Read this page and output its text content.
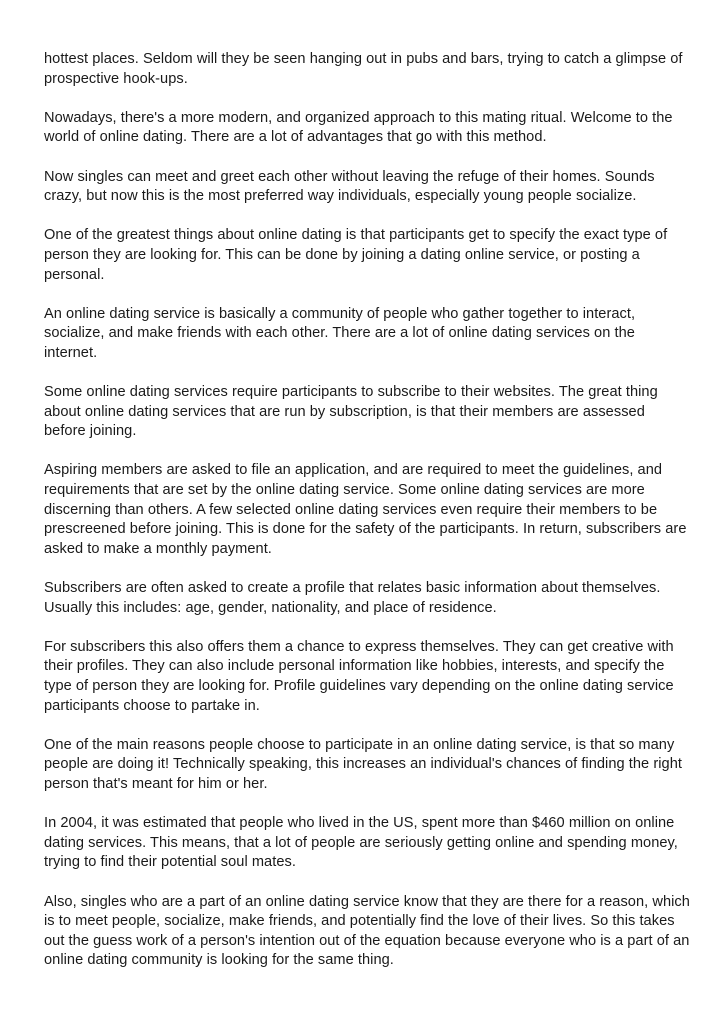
hottest places. Seldom will they be seen hanging out in pubs and bars, trying to catch a glimpse of prospective hook-ups.

Nowadays, there's a more modern, and organized approach to this mating ritual. Welcome to the world of online dating. There are a lot of advantages that go with this method.

Now singles can meet and greet each other without leaving the refuge of their homes. Sounds crazy, but now this is the most preferred way individuals, especially young people socialize.

One of the greatest things about online dating is that participants get to specify the exact type of person they are looking for. This can be done by joining a dating online service, or posting a personal.

An online dating service is basically a community of people who gather together to interact, socialize, and make friends with each other. There are a lot of online dating services on the internet.

Some online dating services require participants to subscribe to their websites. The great thing about online dating services that are run by subscription, is that their members are assessed before joining.

Aspiring members are asked to file an application, and are required to meet the guidelines, and requirements that are set by the online dating service. Some online dating services are more discerning than others. A few selected online dating services even require their members to be prescreened before joining. This is done for the safety of the participants. In return, subscribers are asked to make a monthly payment.

Subscribers are often asked to create a profile that relates basic information about themselves. Usually this includes: age, gender, nationality, and place of residence.

For subscribers this also offers them a chance to express themselves. They can get creative with their profiles. They can also include personal information like hobbies, interests, and specify the type of person they are looking for. Profile guidelines vary depending on the online dating service participants choose to partake in.

One of the main reasons people choose to participate in an online dating service, is that so many people are doing it! Technically speaking, this increases an individual's chances of finding the right person that's meant for him or her.

In 2004, it was estimated that people who lived in the US, spent more than $460 million on online dating services. This means, that a lot of people are seriously getting online and spending money, trying to find their potential soul mates.

Also, singles who are a part of an online dating service know that they are there for a reason, which is to meet people, socialize, make friends, and potentially find the love of their lives. So this takes out the guess work of a person's intention out of the equation because everyone who is a part of an online dating community is looking for the same thing.
